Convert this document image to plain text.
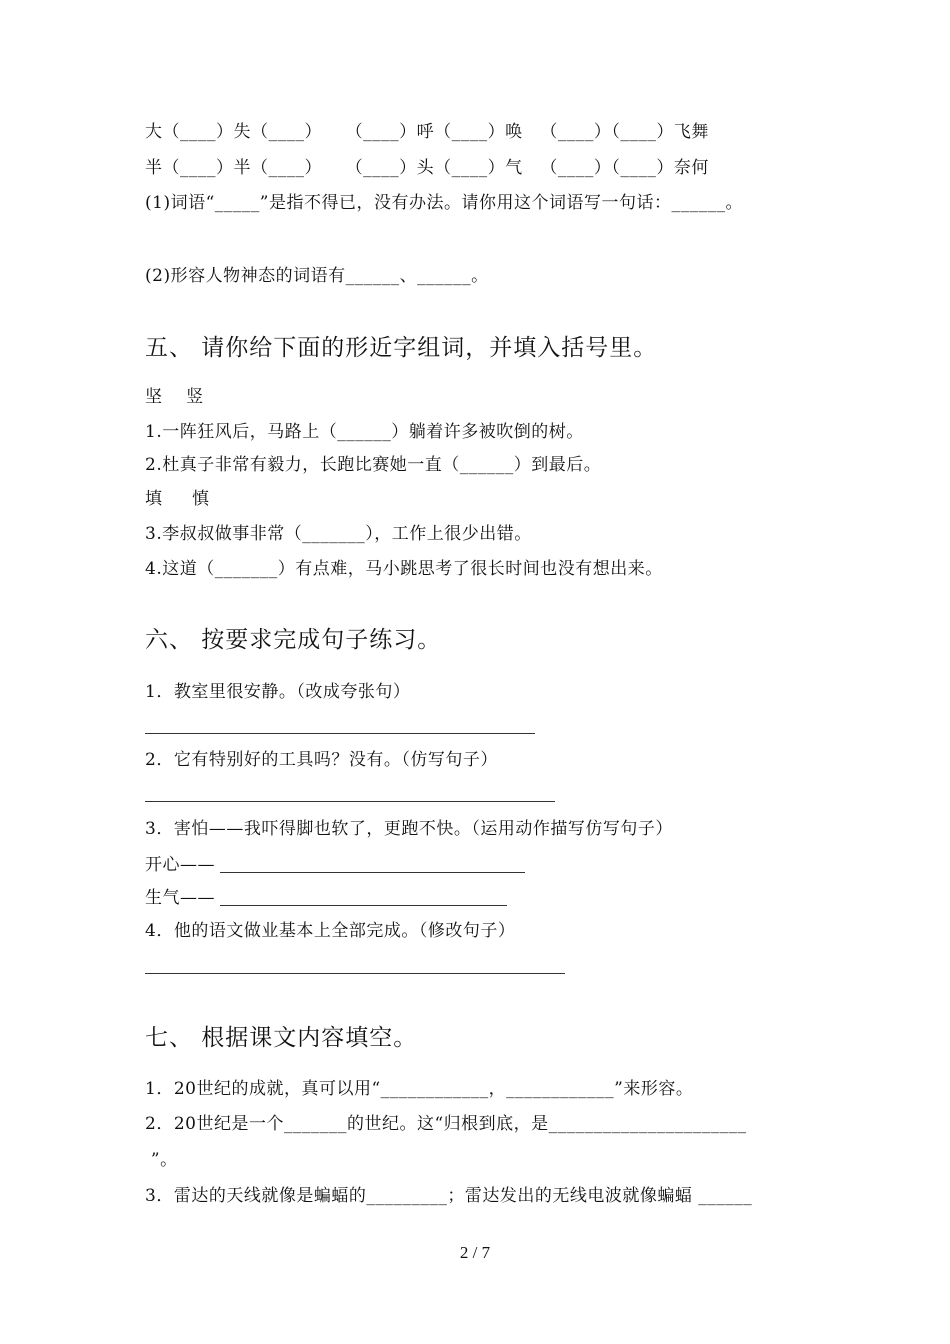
大（____）失（____）    （____）呼（____）唤   （____）（____）飞舞
半（____）半（____）    （____）头（____）气   （____）（____）奈何
(1)词语“_____”是指不得已，没有办法。请你用这个词语写一句话：______。
(2)形容人物神态的词语有______、______。
五、 请你给下面的形近字组词，并填入括号里。
坚    竖
1.一阵狂风后，马路上（______）躺着许多被吹倒的树。
2.杜真子非常有毅力，长跑比赛她一直（______）到最后。
填     慎
3.李叔叔做事非常（_______），工作上很少出错。
4.这道（_______）有点难，马小跳思考了很长时间也没有想出来。
六、 按要求完成句子练习。
1．教室里很安静。（改成夸张句）
2．它有特别好的工具吗？没有。（仿写句子）
3．害怕——我吓得脚也软了，更跑不快。（运用动作描写仿写句子）
开心——
生气——
4．他的语文做业基本上全部完成。（修改句子）
七、 根据课文内容填空。
1．20世纪的成就，真可以用“____________，____________”来形容。
2．20世纪是一个_______的世纪。这“归根到底，是______________________
”。
3．雷达的天线就像是蝙蝠的_________；雷达发出的无线电波就像蝙蝠 ______
2 / 7
